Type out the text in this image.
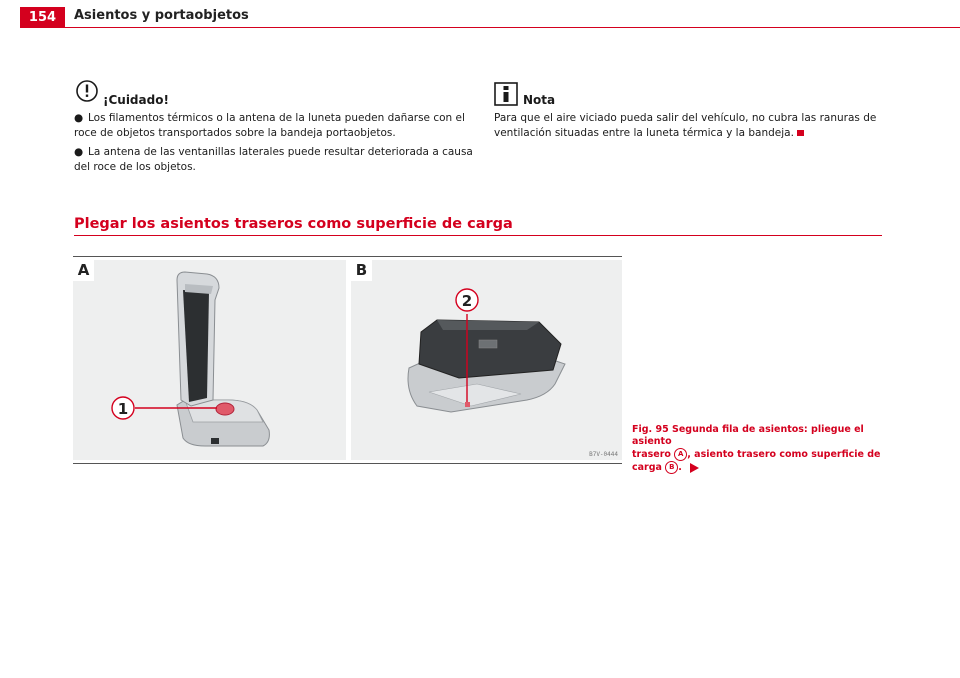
154	Asientos y portaobjetos
¡Cuidado!
● Los filamentos térmicos o la antena de la luneta pueden dañarse con el
roce de objetos transportados sobre la bandeja portaobjetos.
● La antena de las ventanillas laterales puede resultar deteriorada a causa
del roce de los objetos.
Nota
Para que el aire viciado pueda salir del vehículo, no cubra las ranuras de
ventilación situadas entre la luneta térmica y la bandeja.
Plegar los asientos traseros como superficie de carga
A
1
B
2
B7V-0444
Fig. 95 Segunda fila de asientos: pliegue el asiento
trasero A , asiento trasero como superficie de carga B .
